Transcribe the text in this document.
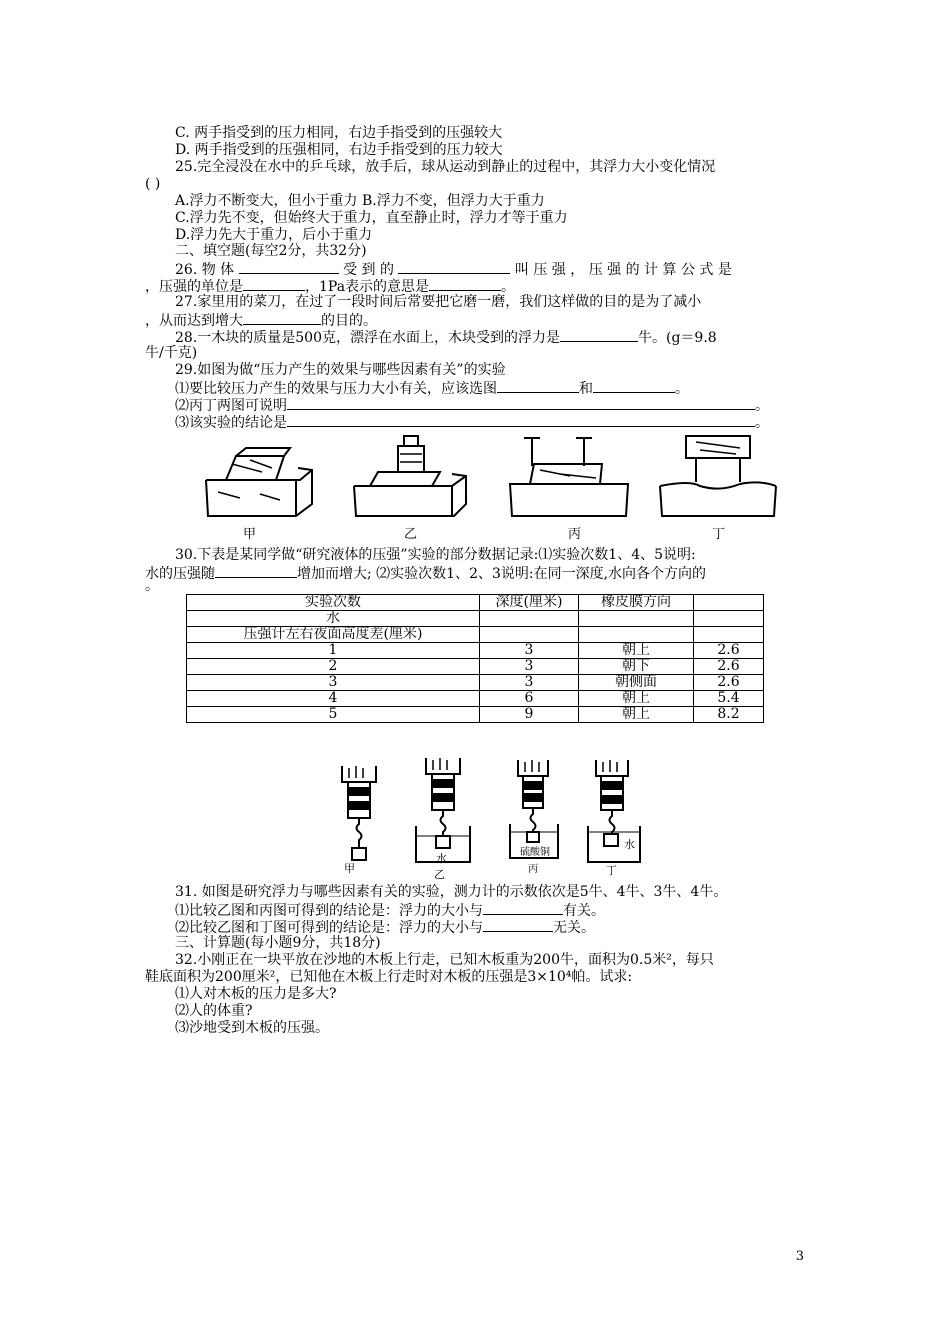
C. 两手指受到的压力相同，右边手指受到的压强较大
D. 两手指受到的压强相同，右边手指受到的压力较大
25.完全浸没在水中的乒乓球，放手后，球从运动到静止的过程中，其浮力大小变化情况
( )
A.浮力不断变大，但小于重力 B.浮力不变，但浮力大于重力
C.浮力先不变，但始终大于重力，直至静止时，浮力才等于重力
D.浮力先大于重力，后小于重力
二、填空题(每空2分，共32分)
26. 物 体	受 到 的	叫 压 强 ， 压 强 的 计 算 公 式 是
，压强的单位是	，1Pa表示的意思是	。
27.家里用的菜刀，在过了一段时间后常要把它磨一磨，我们这样做的目的是为了减小
，从而达到增大	的目的。
28.一木块的质量是500克，漂浮在水面上，木块受到的浮力是	牛。(g＝9.8
牛/千克)
29.如图为做“压力产生的效果与哪些因素有关”的实验
⑴要比较压力产生的效果与压力大小有关，应该选图	和	。
⑵丙丁两图可说明	。
⑶该实验的结论是	。
甲	乙	丙	丁
30.下表是某同学做“研究液体的压强”实验的部分数据记录:⑴实验次数1、4、5说明:
水的压强随	增加而增大; ⑵实验次数1、2、3说明:在同一深度,水向各个方向的
。
实验次数	深度(厘米)	橡皮膜方向	
水			
压强计左右夜面高度差(厘米)			
1	3	朝上	2.6
2	3	朝下	2.6
3	3	朝侧面	2.6
4	6	朝上	5.4
5	9	朝上	8.2
甲
水
乙
硫酸铜
丙
水
丁
31. 如图是研究浮力与哪些因素有关的实验，测力计的示数依次是5牛、4牛、3牛、4牛。
⑴比较乙图和丙图可得到的结论是：浮力的大小与	有关。
⑵比较乙图和丁图可得到的结论是：浮力的大小与	无关。
三、计算题(每小题9分，共18分)
32.小刚正在一块平放在沙地的木板上行走，已知木板重为200牛，面积为0.5米²，每只
鞋底面积为200厘米²，已知他在木板上行走时对木板的压强是3×10⁴帕。试求:
⑴人对木板的压力是多大?
⑵人的体重?
⑶沙地受到木板的压强。
3
